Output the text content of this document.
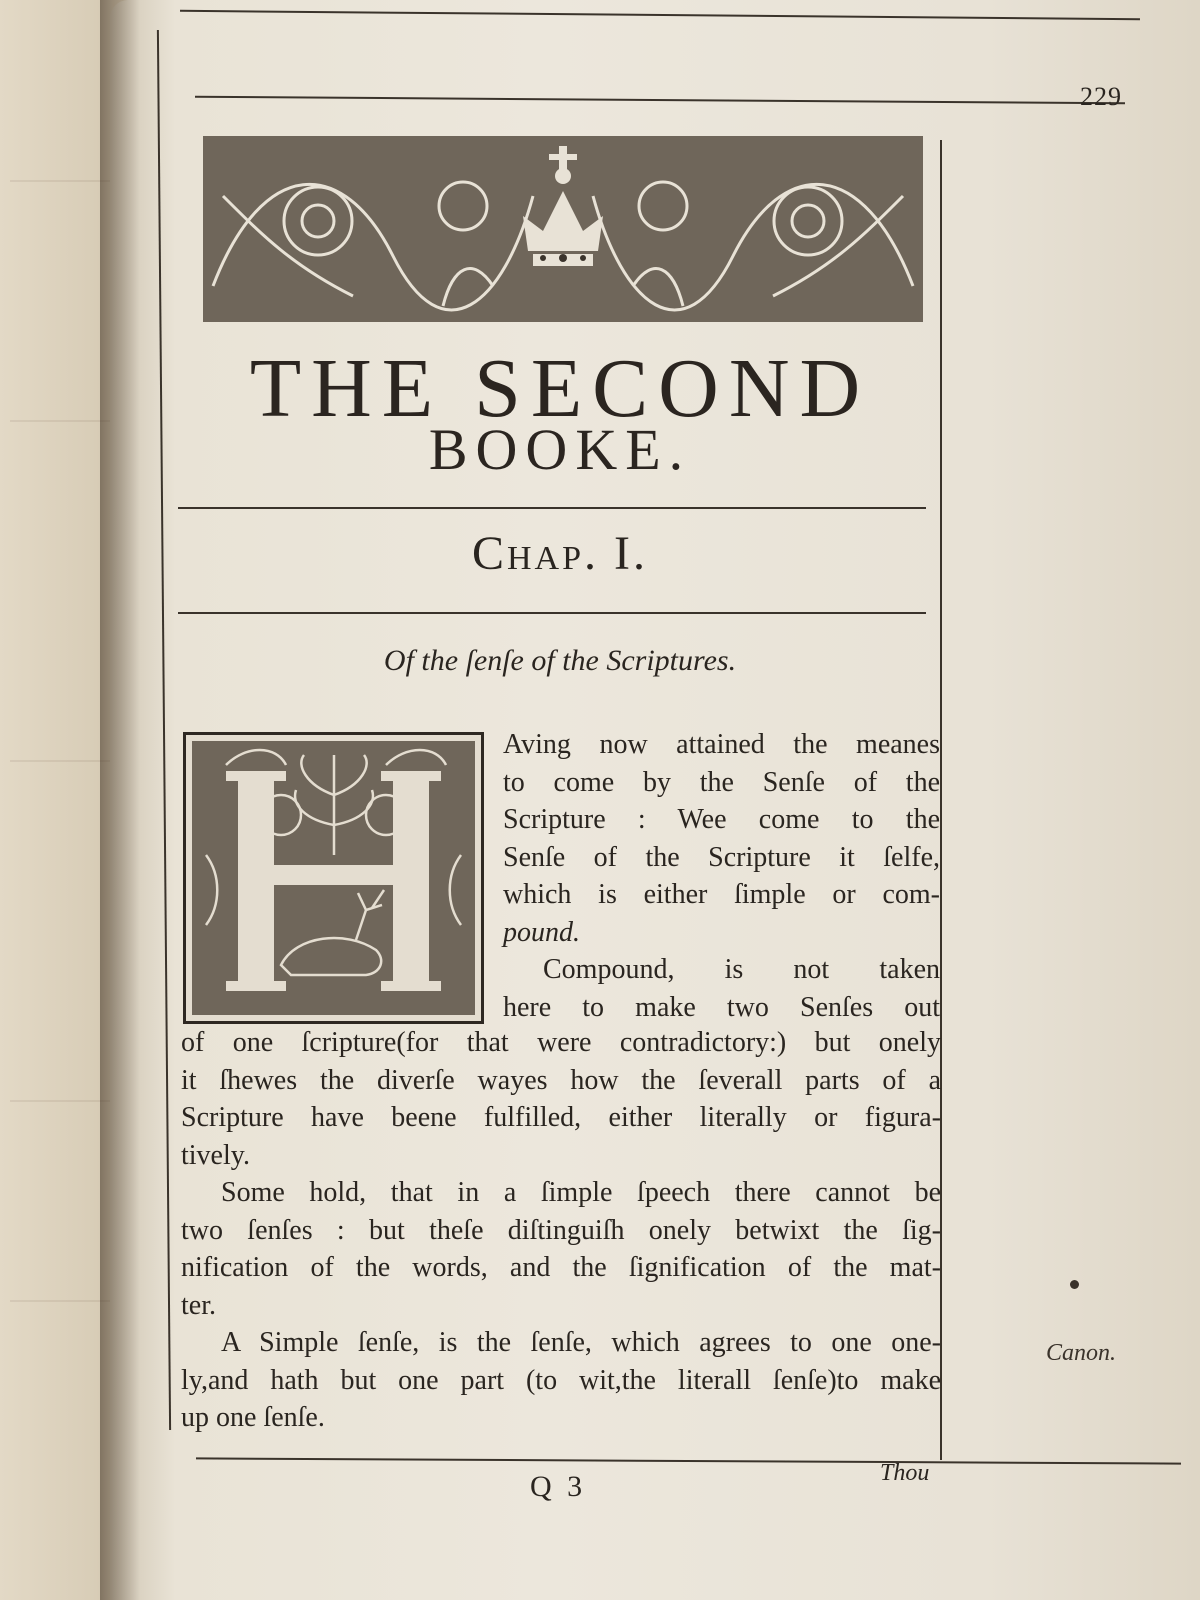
229
THE SECOND
BOOKE.
Chap. I.
Of the ſenſe of the Scriptures.
Aving now attained the meanes
to come by the Senſe of the
Scripture : Wee come to the
Senſe of the Scripture it ſelfe,
which is either ſimple or com-
pound.
Compound, is not taken
here to make two Senſes out
of one ſcripture(for that were contradictory:) but onely
it ſhewes the diverſe wayes how the ſeverall parts of a
Scripture have beene fulfilled, either literally or figura-
tively.
Some hold, that in a ſimple ſpeech there cannot be
two ſenſes : but theſe diſtinguiſh onely betwixt the ſig-
nification of the words, and the ſignification of the mat-
ter.
A Simple ſenſe, is the ſenſe, which agrees to one one-
ly,and hath but one part (to wit,the literall ſenſe)to make
up one ſenſe.
Canon.
Q 3	Thou
